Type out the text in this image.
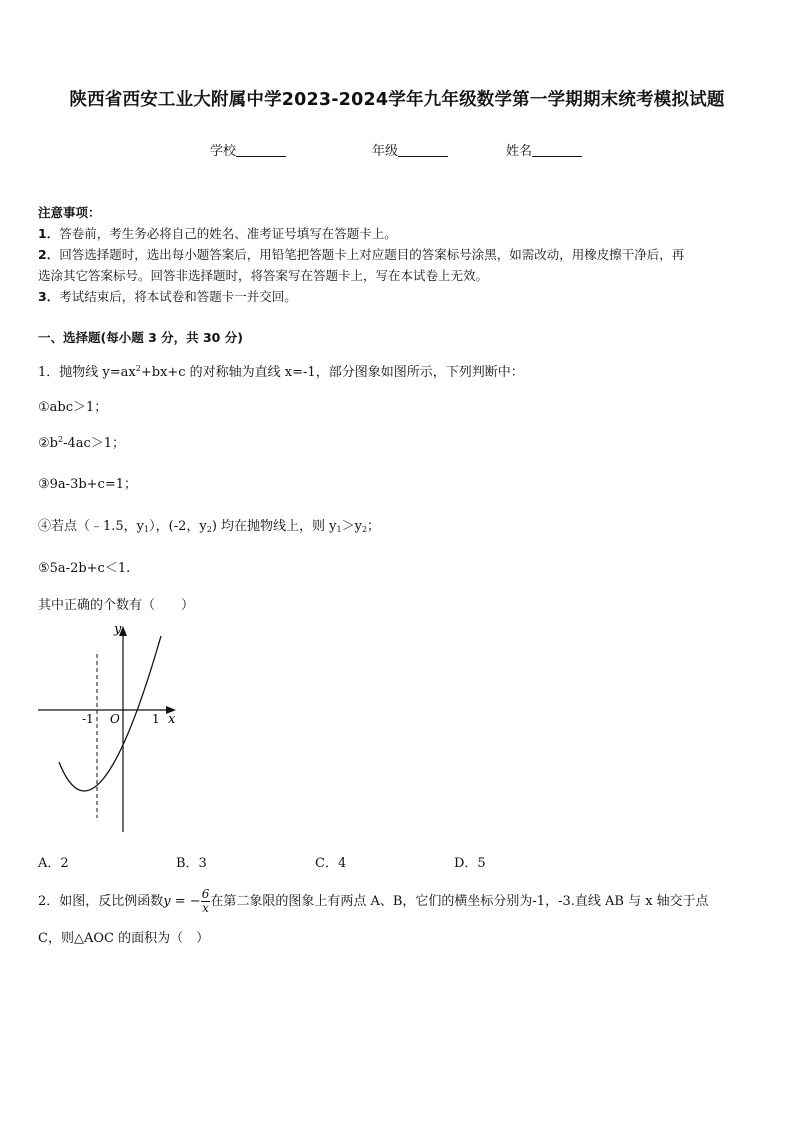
陕西省西安工业大附属中学2023-2024学年九年级数学第一学期期末统考模拟试题
学校	年级	姓名
注意事项：
1．答卷前，考生务必将自己的姓名、准考证号填写在答题卡上。
2．回答选择题时，选出每小题答案后，用铅笔把答题卡上对应题目的答案标号涂黑，如需改动，用橡皮擦干净后，再
选涂其它答案标号。回答非选择题时，将答案写在答题卡上，写在本试卷上无效。
3．考试结束后，将本试卷和答题卡一并交回。
一、选择题(每小题 3 分，共 30 分)
1．抛物线 $y=ax^2+bx+c$ 的对称轴为直线 x=-1，部分图象如图所示，下列判断中：
①abc＞1；
$②b^2-4ac>1$；
③9a-3b+c=1；
④若点（﹣1.5，$y_1$），(-2，$y_2$) 均在抛物线上，则 $y_1>y_2$；
⑤5a-2b+c＜1.
其中正确的个数有（　　）
y
x
O
-1	1
A．2	B．3	C．4	D．5
2．如图，反比例函数y = − $\frac{6}{x}$ 在第二象限的图象上有两点 A、B，它们的横坐标分别为-1，-3.直线 AB 与 x 轴交于点
C，则△AOC 的面积为（　）
